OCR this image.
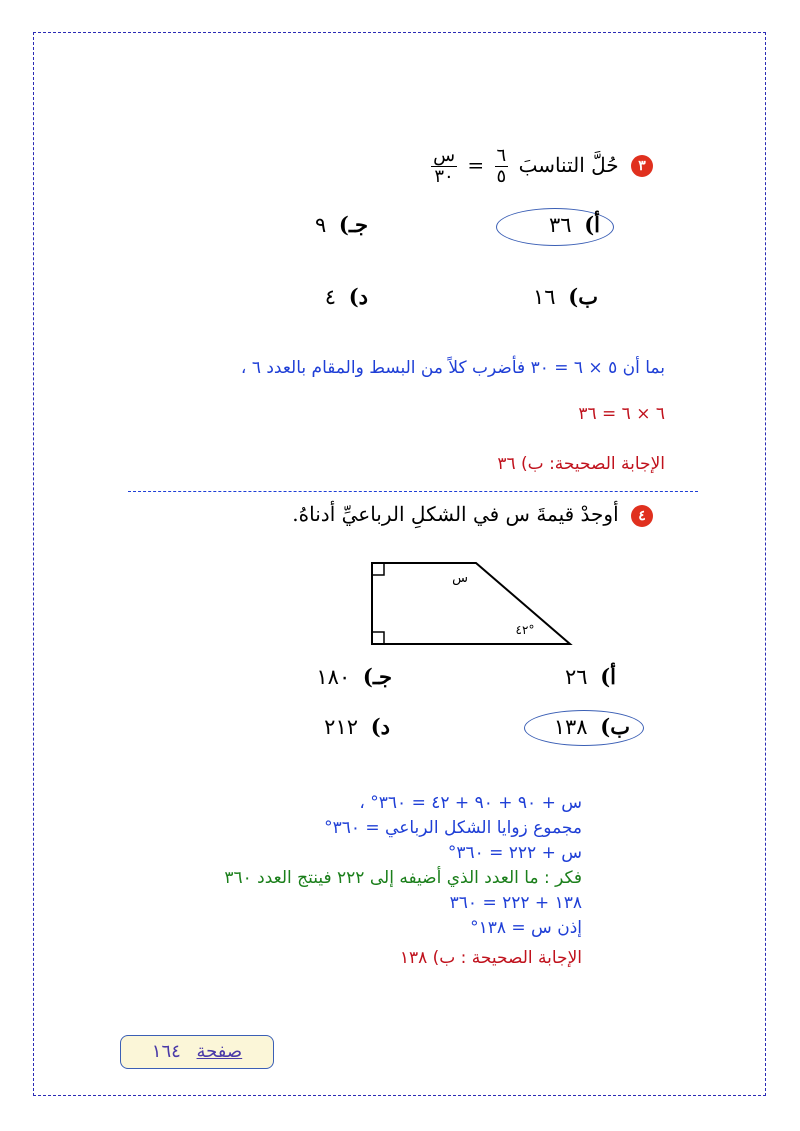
٣ حُلَّ التناسبَ
$\frac{٦}{٥}$
=
$\frac{\text{س}}{٣٠}$
أ) ٣٦
جـ) ٩
ب) ١٦
د) ٤
بما أن ٥ × ٦ = ٣٠ فأضرب كلاً من البسط والمقام بالعدد ٦ ،
٦ × ٦ = ٣٦
الإجابة الصحيحة: ب) ٣٦
٤ أوجدْ قيمةَ س في الشكلِ الرباعيِّ أدناهُ.
س
٤٢°
أ) ٢٦
جـ) ١٨٠
ب) ١٣٨
د) ٢١٢
س + ٩٠ + ٩٠ + ٤٢ = ٣٦٠° ،
مجموع زوايا الشكل الرباعي = ٣٦٠°
س + ٢٢٢ = ٣٦٠°
فكر : ما العدد الذي أضيفه إلى ٢٢٢ فينتج العدد ٣٦٠
١٣٨ + ٢٢٢ = ٣٦٠
إذن س = ١٣٨°
الإجابة الصحيحة : ب) ١٣٨
صفحة ١٦٤
